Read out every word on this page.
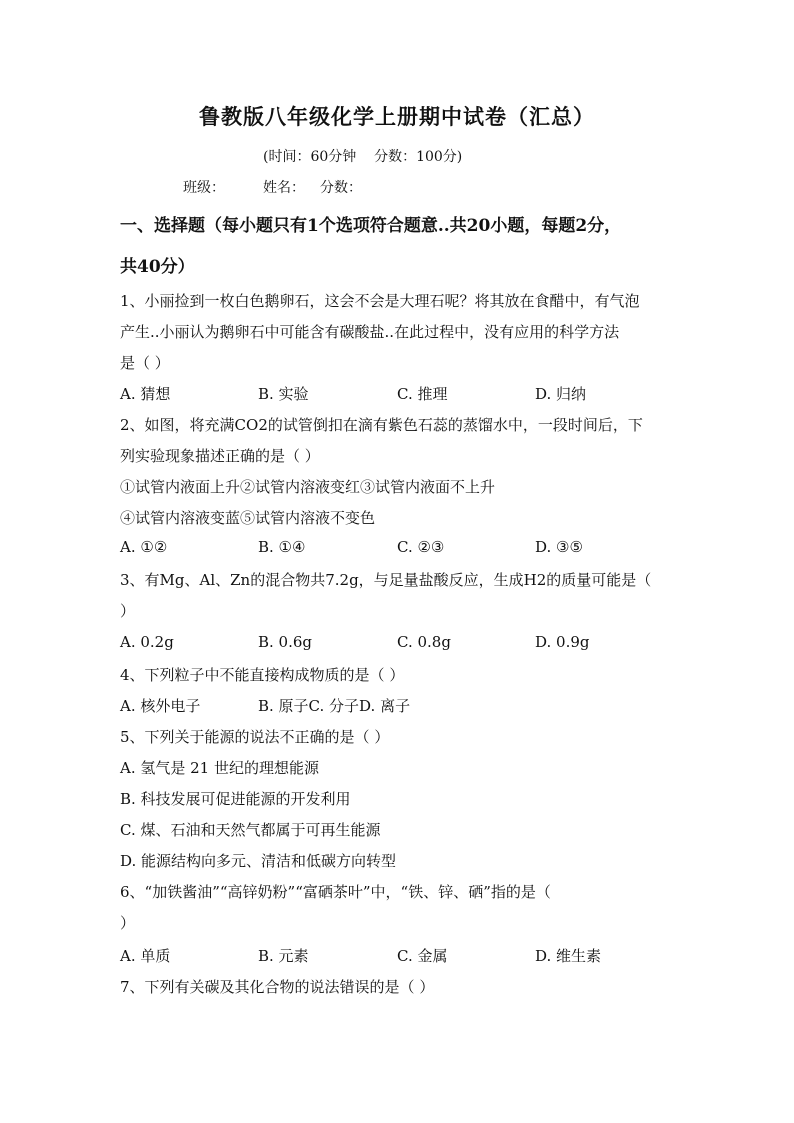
鲁教版八年级化学上册期中试卷（汇总）
(时间：60分钟    分数：100分)
班级：	姓名： 分数：
一、选择题（每小题只有1个选项符合题意..共20小题，每题2分，
共40分）
1、小丽捡到一枚白色鹅卵石，这会不会是大理石呢？将其放在食醋中，有气泡
产生..小丽认为鹅卵石中可能含有碳酸盐..在此过程中，没有应用的科学方法
是（ ）
A. 猜想	B. 实验	C. 推理	D. 归纳
2、如图，将充满CO2的试管倒扣在滴有紫色石蕊的蒸馏水中，一段时间后，下
列实验现象描述正确的是（ ）
①试管内液面上升②试管内溶液变红③试管内液面不上升
④试管内溶液变蓝⑤试管内溶液不变色
A. ①②	B. ①④	C. ②③	D. ③⑤
3、有Mg、Al、Zn的混合物共7.2g，与足量盐酸反应，生成H2的质量可能是（
）
A. 0.2g	B. 0.6g	C. 0.8g	D. 0.9g
4、下列粒子中不能直接构成物质的是（ ）
A. 核外电子	B. 原子C. 分子D. 离子
5、下列关于能源的说法不正确的是（ ）
A. 氢气是 21 世纪的理想能源
B. 科技发展可促进能源的开发利用
C. 煤、石油和天然气都属于可再生能源
D. 能源结构向多元、清洁和低碳方向转型
6、“加铁酱油”“高锌奶粉”“富硒茶叶”中，“铁、锌、硒”指的是（
）
A. 单质	B. 元素	C. 金属	D. 维生素
7、下列有关碳及其化合物的说法错误的是（ ）
